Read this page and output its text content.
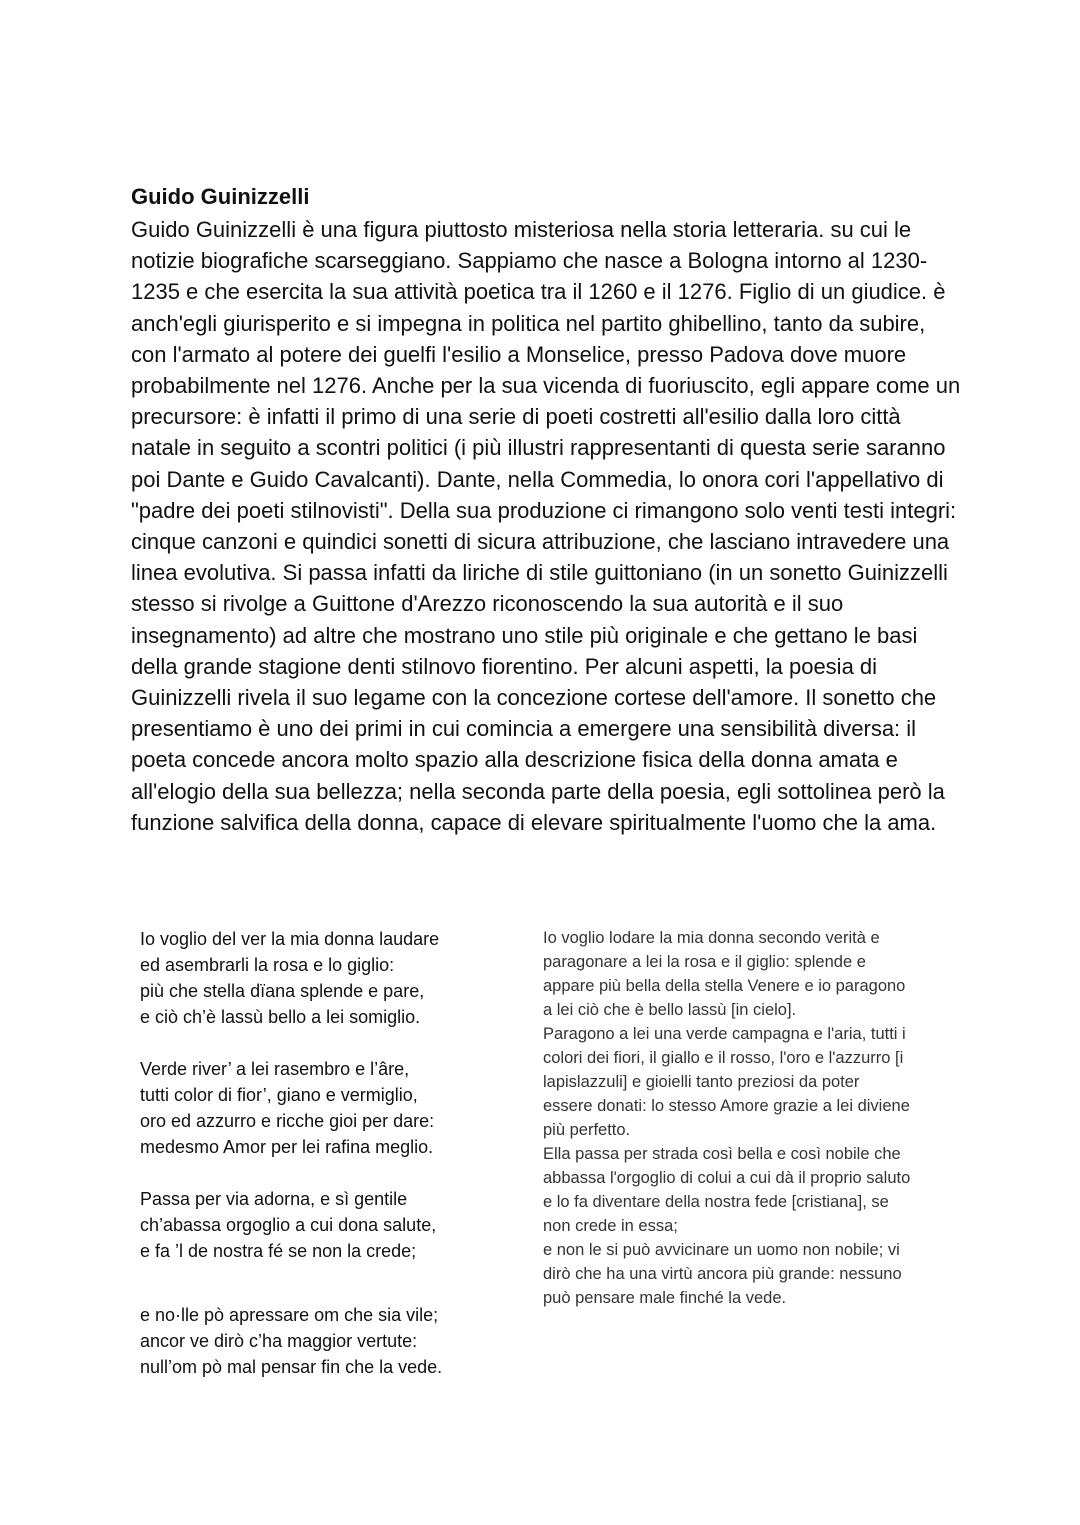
Guido Guinizzelli

Guido Guinizzelli è una figura piuttosto misteriosa nella storia letteraria. su cui le notizie biografiche scarseggiano. Sappiamo che nasce a Bologna intorno al 1230-1235 e che esercita la sua attività poetica tra il 1260 e il 1276. Figlio di un giudice. è anch'egli giurisperito e si impegna in politica nel partito ghibellino, tanto da subire, con l'armato al potere dei guelfi l'esilio a Monselice, presso Padova dove muore probabilmente nel 1276. Anche per la sua vicenda di fuoriuscito, egli appare come un precursore: è infatti il primo di una serie di poeti costretti all'esilio dalla loro città natale in seguito a scontri politici (i più illustri rappresentanti di questa serie saranno poi Dante e Guido Cavalcanti). Dante, nella Commedia, lo onora cori l'appellativo di "padre dei poeti stilnovisti". Della sua produzione ci rimangono solo venti testi integri: cinque canzoni e quindici sonetti di sicura attribuzione, che lasciano intravedere una linea evolutiva. Si passa infatti da liriche di stile guittoniano (in un sonetto Guinizzelli stesso si rivolge a Guittone d'Arezzo riconoscendo la sua autorità e il suo insegnamento) ad altre che mostrano uno stile più originale e che gettano le basi della grande stagione denti stilnovo fiorentino. Per alcuni aspetti, la poesia di Guinizzelli rivela il suo legame con la concezione cortese dell'amore. Il sonetto che presentiamo è uno dei primi in cui comincia a emergere una sensibilità diversa: il poeta concede ancora molto spazio alla descrizione fisica della donna amata e all'elogio della sua bellezza; nella seconda parte della poesia, egli sottolinea però la funzione salvifica della donna, capace di elevare spiritualmente l'uomo che la ama.

Io voglio del ver la mia donna laudare
ed asembrarli la rosa e lo giglio:
più che stella dïana splende e pare,
e ciò ch’è lassù bello a lei somiglio.

Verde river’ a lei rasembro e l’âre,
tutti color di fior’, giano e vermiglio,
oro ed azzurro e ricche gioi per dare:
medesmo Amor per lei rafina meglio.

Passa per via adorna, e sì gentile
ch’abassa orgoglio a cui dona salute,
e fa ’l de nostra fé se non la crede;

e no·lle pò apressare om che sia vile;
ancor ve dirò c’ha maggior vertute:
null’om pò mal pensar fin che la vede.

Io voglio lodare la mia donna secondo verità e paragonare a lei la rosa e il giglio: splende e appare più bella della stella Venere e io paragono a lei ciò che è bello lassù [in cielo].

Paragono a lei una verde campagna e l'aria, tutti i colori dei fiori, il giallo e il rosso, l'oro e l'azzurro [i lapislazzuli] e gioielli tanto preziosi da poter essere donati: lo stesso Amore grazie a lei diviene più perfetto.

Ella passa per strada così bella e così nobile che abbassa l'orgoglio di colui a cui dà il proprio saluto e lo fa diventare della nostra fede [cristiana], se non crede in essa;

e non le si può avvicinare un uomo non nobile; vi dirò che ha una virtù ancora più grande: nessuno può pensare male finché la vede.
